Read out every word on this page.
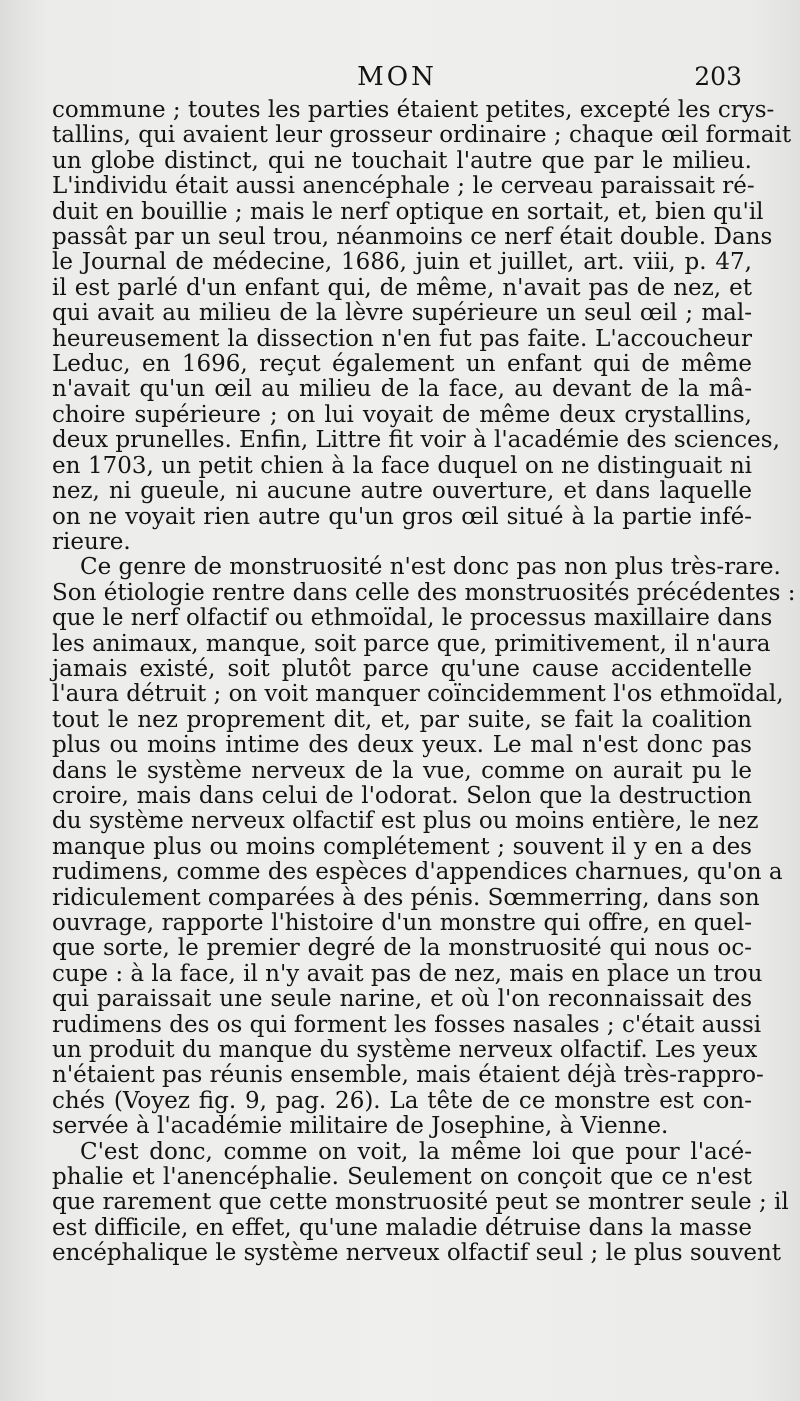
MON	203

commune ; toutes les parties étaient petites, excepté les crys-
tallins, qui avaient leur grosseur ordinaire ; chaque œil formait
un globe distinct, qui ne touchait l'autre que par le milieu.
L'individu était aussi anencéphale ; le cerveau paraissait ré-
duit en bouillie ; mais le nerf optique en sortait, et, bien qu'il
passât par un seul trou, néanmoins ce nerf était double. Dans
le Journal de médecine, 1686, juin et juillet, art. viii, p. 47,
il est parlé d'un enfant qui, de même, n'avait pas de nez, et
qui avait au milieu de la lèvre supérieure un seul œil ; mal-
heureusement la dissection n'en fut pas faite. L'accoucheur
Leduc, en 1696, reçut également un enfant qui de même
n'avait qu'un œil au milieu de la face, au devant de la mâ-
choire supérieure ; on lui voyait de même deux crystallins,
deux prunelles. Enfin, Littre fit voir à l'académie des sciences,
en 1703, un petit chien à la face duquel on ne distinguait ni
nez, ni gueule, ni aucune autre ouverture, et dans laquelle
on ne voyait rien autre qu'un gros œil situé à la partie infé-
rieure.

Ce genre de monstruosité n'est donc pas non plus très-rare.
Son étiologie rentre dans celle des monstruosités précédentes :
que le nerf olfactif ou ethmoïdal, le processus maxillaire dans
les animaux, manque, soit parce que, primitivement, il n'aura
jamais existé, soit plutôt parce qu'une cause accidentelle
l'aura détruit ; on voit manquer coïncidemment l'os ethmoïdal,
tout le nez proprement dit, et, par suite, se fait la coalition
plus ou moins intime des deux yeux. Le mal n'est donc pas
dans le système nerveux de la vue, comme on aurait pu le
croire, mais dans celui de l'odorat. Selon que la destruction
du système nerveux olfactif est plus ou moins entière, le nez
manque plus ou moins complétement ; souvent il y en a des
rudimens, comme des espèces d'appendices charnues, qu'on a
ridiculement comparées à des pénis. Sœmmerring, dans son
ouvrage, rapporte l'histoire d'un monstre qui offre, en quel-
que sorte, le premier degré de la monstruosité qui nous oc-
cupe : à la face, il n'y avait pas de nez, mais en place un trou
qui paraissait une seule narine, et où l'on reconnaissait des
rudimens des os qui forment les fosses nasales ; c'était aussi
un produit du manque du système nerveux olfactif. Les yeux
n'étaient pas réunis ensemble, mais étaient déjà très-rappro-
chés (Voyez fig. 9, pag. 26). La tête de ce monstre est con-
servée à l'académie militaire de Josephine, à Vienne.

C'est donc, comme on voit, la même loi que pour l'acé-
phalie et l'anencéphalie. Seulement on conçoit que ce n'est
que rarement que cette monstruosité peut se montrer seule ; il
est difficile, en effet, qu'une maladie détruise dans la masse
encéphalique le système nerveux olfactif seul ; le plus souvent
